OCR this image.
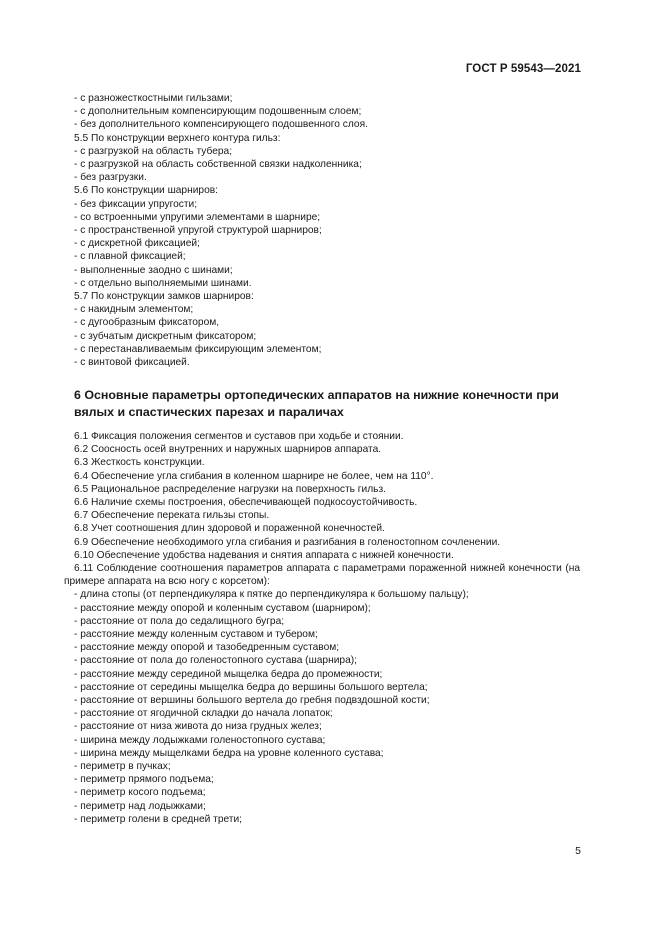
ГОСТ Р 59543—2021
- с разножесткостными гильзами;
- с дополнительным компенсирующим подошвенным слоем;
- без дополнительного компенсирующего подошвенного слоя.
5.5 По конструкции верхнего контура гильз:
- с разгрузкой на область тубера;
- с разгрузкой на область собственной связки надколенника;
- без разгрузки.
5.6 По конструкции шарниров:
- без фиксации упругости;
- со встроенными упругими элементами в шарнире;
- с пространственной упругой структурой шарниров;
- с дискретной фиксацией;
- с плавной фиксацией;
- выполненные заодно с шинами;
- с отдельно выполняемыми шинами.
5.7 По конструкции замков шарниров:
- с накидным элементом;
- с дугообразным фиксатором,
- с зубчатым дискретным фиксатором;
- с перестанавливаемым фиксирующим элементом;
- с винтовой фиксацией.
6 Основные параметры ортопедических аппаратов на нижние конечности при вялых и спастических парезах и параличах
6.1 Фиксация положения сегментов и суставов при ходьбе и стоянии.
6.2 Соосность осей внутренних и наружных шарниров аппарата.
6.3 Жесткость конструкции.
6.4 Обеспечение угла сгибания в коленном шарнире не более, чем на 110°.
6.5 Рациональное распределение нагрузки на поверхность гильз.
6.6 Наличие схемы построения, обеспечивающей подкосоустойчивость.
6.7 Обеспечение переката гильзы стопы.
6.8 Учет соотношения длин здоровой и пораженной конечностей.
6.9 Обеспечение необходимого угла сгибания и разгибания в голеностопном сочленении.
6.10 Обеспечение удобства надевания и снятия аппарата с нижней конечности.
6.11 Соблюдение соотношения параметров аппарата с параметрами пораженной нижней конечности (на примере аппарата на всю ногу с корсетом):
- длина стопы (от перпендикуляра к пятке до перпендикуляра к большому пальцу);
- расстояние между опорой и коленным суставом (шарниром);
- расстояние от пола до седалищного бугра;
- расстояние между коленным суставом и тубером;
- расстояние между опорой и тазобедренным суставом;
- расстояние от пола до голеностопного сустава (шарнира);
- расстояние между серединой мыщелка бедра до промежности;
- расстояние от середины мыщелка бедра до вершины большого вертела;
- расстояние от вершины большого вертела до гребня подвздошной кости;
- расстояние от ягодичной складки до начала лопаток;
- расстояние от низа живота до низа грудных желез;
- ширина между лодыжками голеностопного сустава;
- ширина между мыщелками бедра на уровне коленного сустава;
- периметр в пучках;
- периметр прямого подъема;
- периметр косого подъема;
- периметр над лодыжками;
- периметр голени в средней трети;
5
